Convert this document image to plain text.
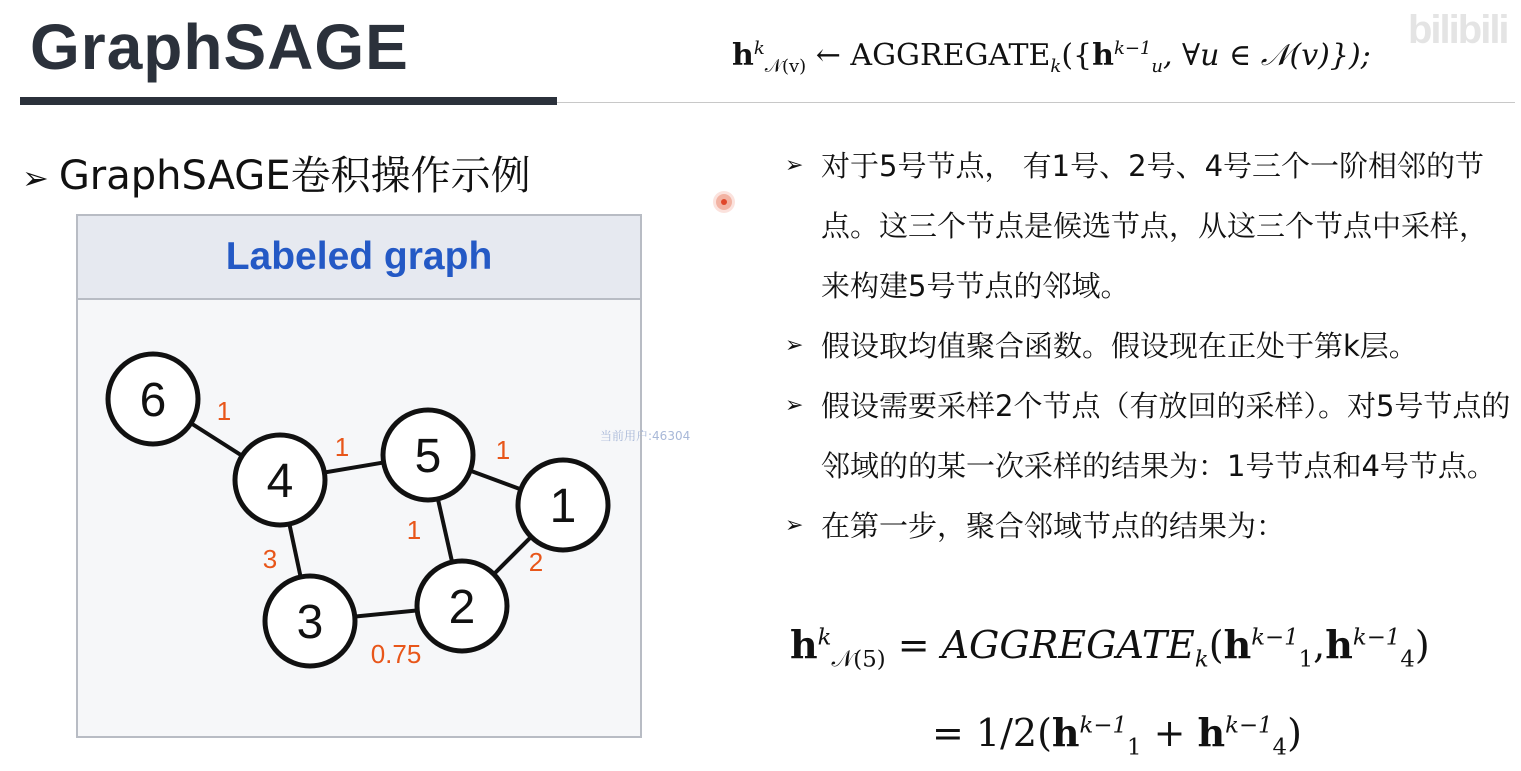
GraphSAGE	bilibili
$h^k_{𝒩(v)}$ ← $AGGREGATE_k(\{h^{k-1}_u$, ∀u ∈ 𝒩(v)});
➢ GraphSAGE卷积操作示例
Labeled graph
1
1	1
3
1
2
0.75
6
4	5
1
3	2
➢ 对于5号节点， 有1号、2号、4号三个一阶相邻的节点。这三个节点是候选节点，从这三个节点中采样，来构建5号节点的邻域。
➢ 假设取均值聚合函数。假设现在正处于第k层。
➢ 假设需要采样2个节点（有放回的采样）。对5号节点的邻域的的某一次采样的结果为：1号节点和4号节点。
➢ 在第一步，聚合邻域节点的结果为：
$h^k_{𝒩(5)}$ = $AGGREGATE_k(h^{k-1}_1,h^{k-1}_4)$
= $1/2(h^{k-1}_1 + h^{k-1}_4)$
当前用户:46304
